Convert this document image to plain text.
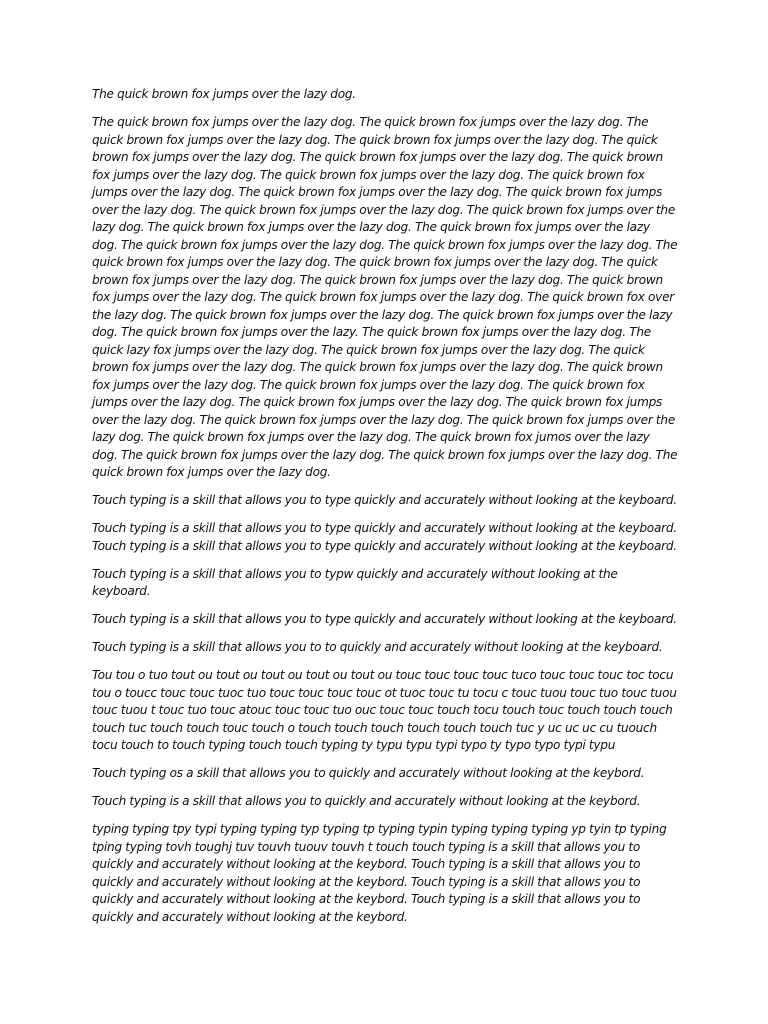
The quick brown fox jumps over the lazy dog.

The quick brown fox jumps over the lazy dog. The quick brown fox jumps over the lazy dog. The quick brown fox jumps over the lazy dog. The quick brown fox jumps over the lazy dog. The quick brown fox jumps over the lazy dog. The quick brown fox jumps over the lazy dog. The quick brown fox jumps over the lazy dog. The quick brown fox jumps over the lazy dog. The quick brown fox jumps over the lazy dog. The quick brown fox jumps over the lazy dog. The quick brown fox jumps over the lazy dog. The quick brown fox jumps over the lazy dog. The quick brown fox jumps over the lazy dog. The quick brown fox jumps over the lazy dog. The quick brown fox jumps over the lazy dog. The quick brown fox jumps over the lazy dog. The quick brown fox jumps over the lazy dog. The quick brown fox jumps over the lazy dog. The quick brown fox jumps over the lazy dog. The quick brown fox jumps over the lazy dog. The quick brown fox jumps over the lazy dog. The quick brown fox jumps over the lazy dog. The quick brown fox jumps over the lazy dog. The quick brown fox over the lazy dog. The quick brown fox jumps over the lazy dog. The quick brown fox jumps over the lazy dog. The quick brown fox jumps over the lazy. The quick brown fox jumps over the lazy dog. The quick lazy fox jumps over the lazy dog. The quick brown fox jumps over the lazy dog. The quick brown fox jumps over the lazy dog. The quick brown fox jumps over the lazy dog. The quick brown fox jumps over the lazy dog. The quick brown fox jumps over the lazy dog. The quick brown fox jumps over the lazy dog. The quick brown fox jumps over the lazy dog. The quick brown fox jumps over the lazy dog. The quick brown fox jumps over the lazy dog. The quick brown fox jumps over the lazy dog. The quick brown fox jumps over the lazy dog. The quick brown fox jumos over the lazy dog. The quick brown fox jumps over the lazy dog. The quick brown fox jumps over the lazy dog. The quick brown fox jumps over the lazy dog.

Touch typing is a skill that allows you to type quickly and accurately without looking at the keyboard.

Touch typing is a skill that allows you to type quickly and accurately without looking at the keyboard. Touch typing is a skill that allows you to type quickly and accurately without looking at the keyboard.

Touch typing is a skill that allows you to typw quickly and accurately without looking at the keyboard.

Touch typing is a skill that allows you to type quickly and accurately without looking at the keyboard.

Touch typing is a skill that allows you to to quickly and accurately without looking at the keyboard.

Tou tou o tuo tout ou tout ou tout ou tout ou tout ou touc touc touc touc tuco touc touc touc toc tocu tou o toucc touc touc tuoc tuo touc touc touc touc ot tuoc touc tu tocu c touc tuou touc tuo touc tuou touc tuou t touc tuo touc atouc touc touc tuo ouc touc touc touch tocu touch touc touch touch touch touch tuc touch touch touc touch o touch touch touch touch touch touch tuc y uc uc uc cu tuouch tocu touch to touch typing touch touch typing ty typu typu typi typo ty typo typo typi typu

Touch typing os a skill that allows you to quickly and accurately without looking at the keybord.

Touch typing is a skill that allows you to quickly and accurately without looking at the keybord.

typing typing tpy typi typing typing typ typing tp typing typin typing typing typing yp tyin tp typing tping typing tovh toughj tuv touvh tuouv touvh t touch touch typing is a skill that allows you to quickly and accurately without looking at the keybord. Touch typing is a skill that allows you to quickly and accurately without looking at the keybord. Touch typing is a skill that allows you to quickly and accurately without looking at the keybord. Touch typing is a skill that allows you to quickly and accurately without looking at the keybord.
